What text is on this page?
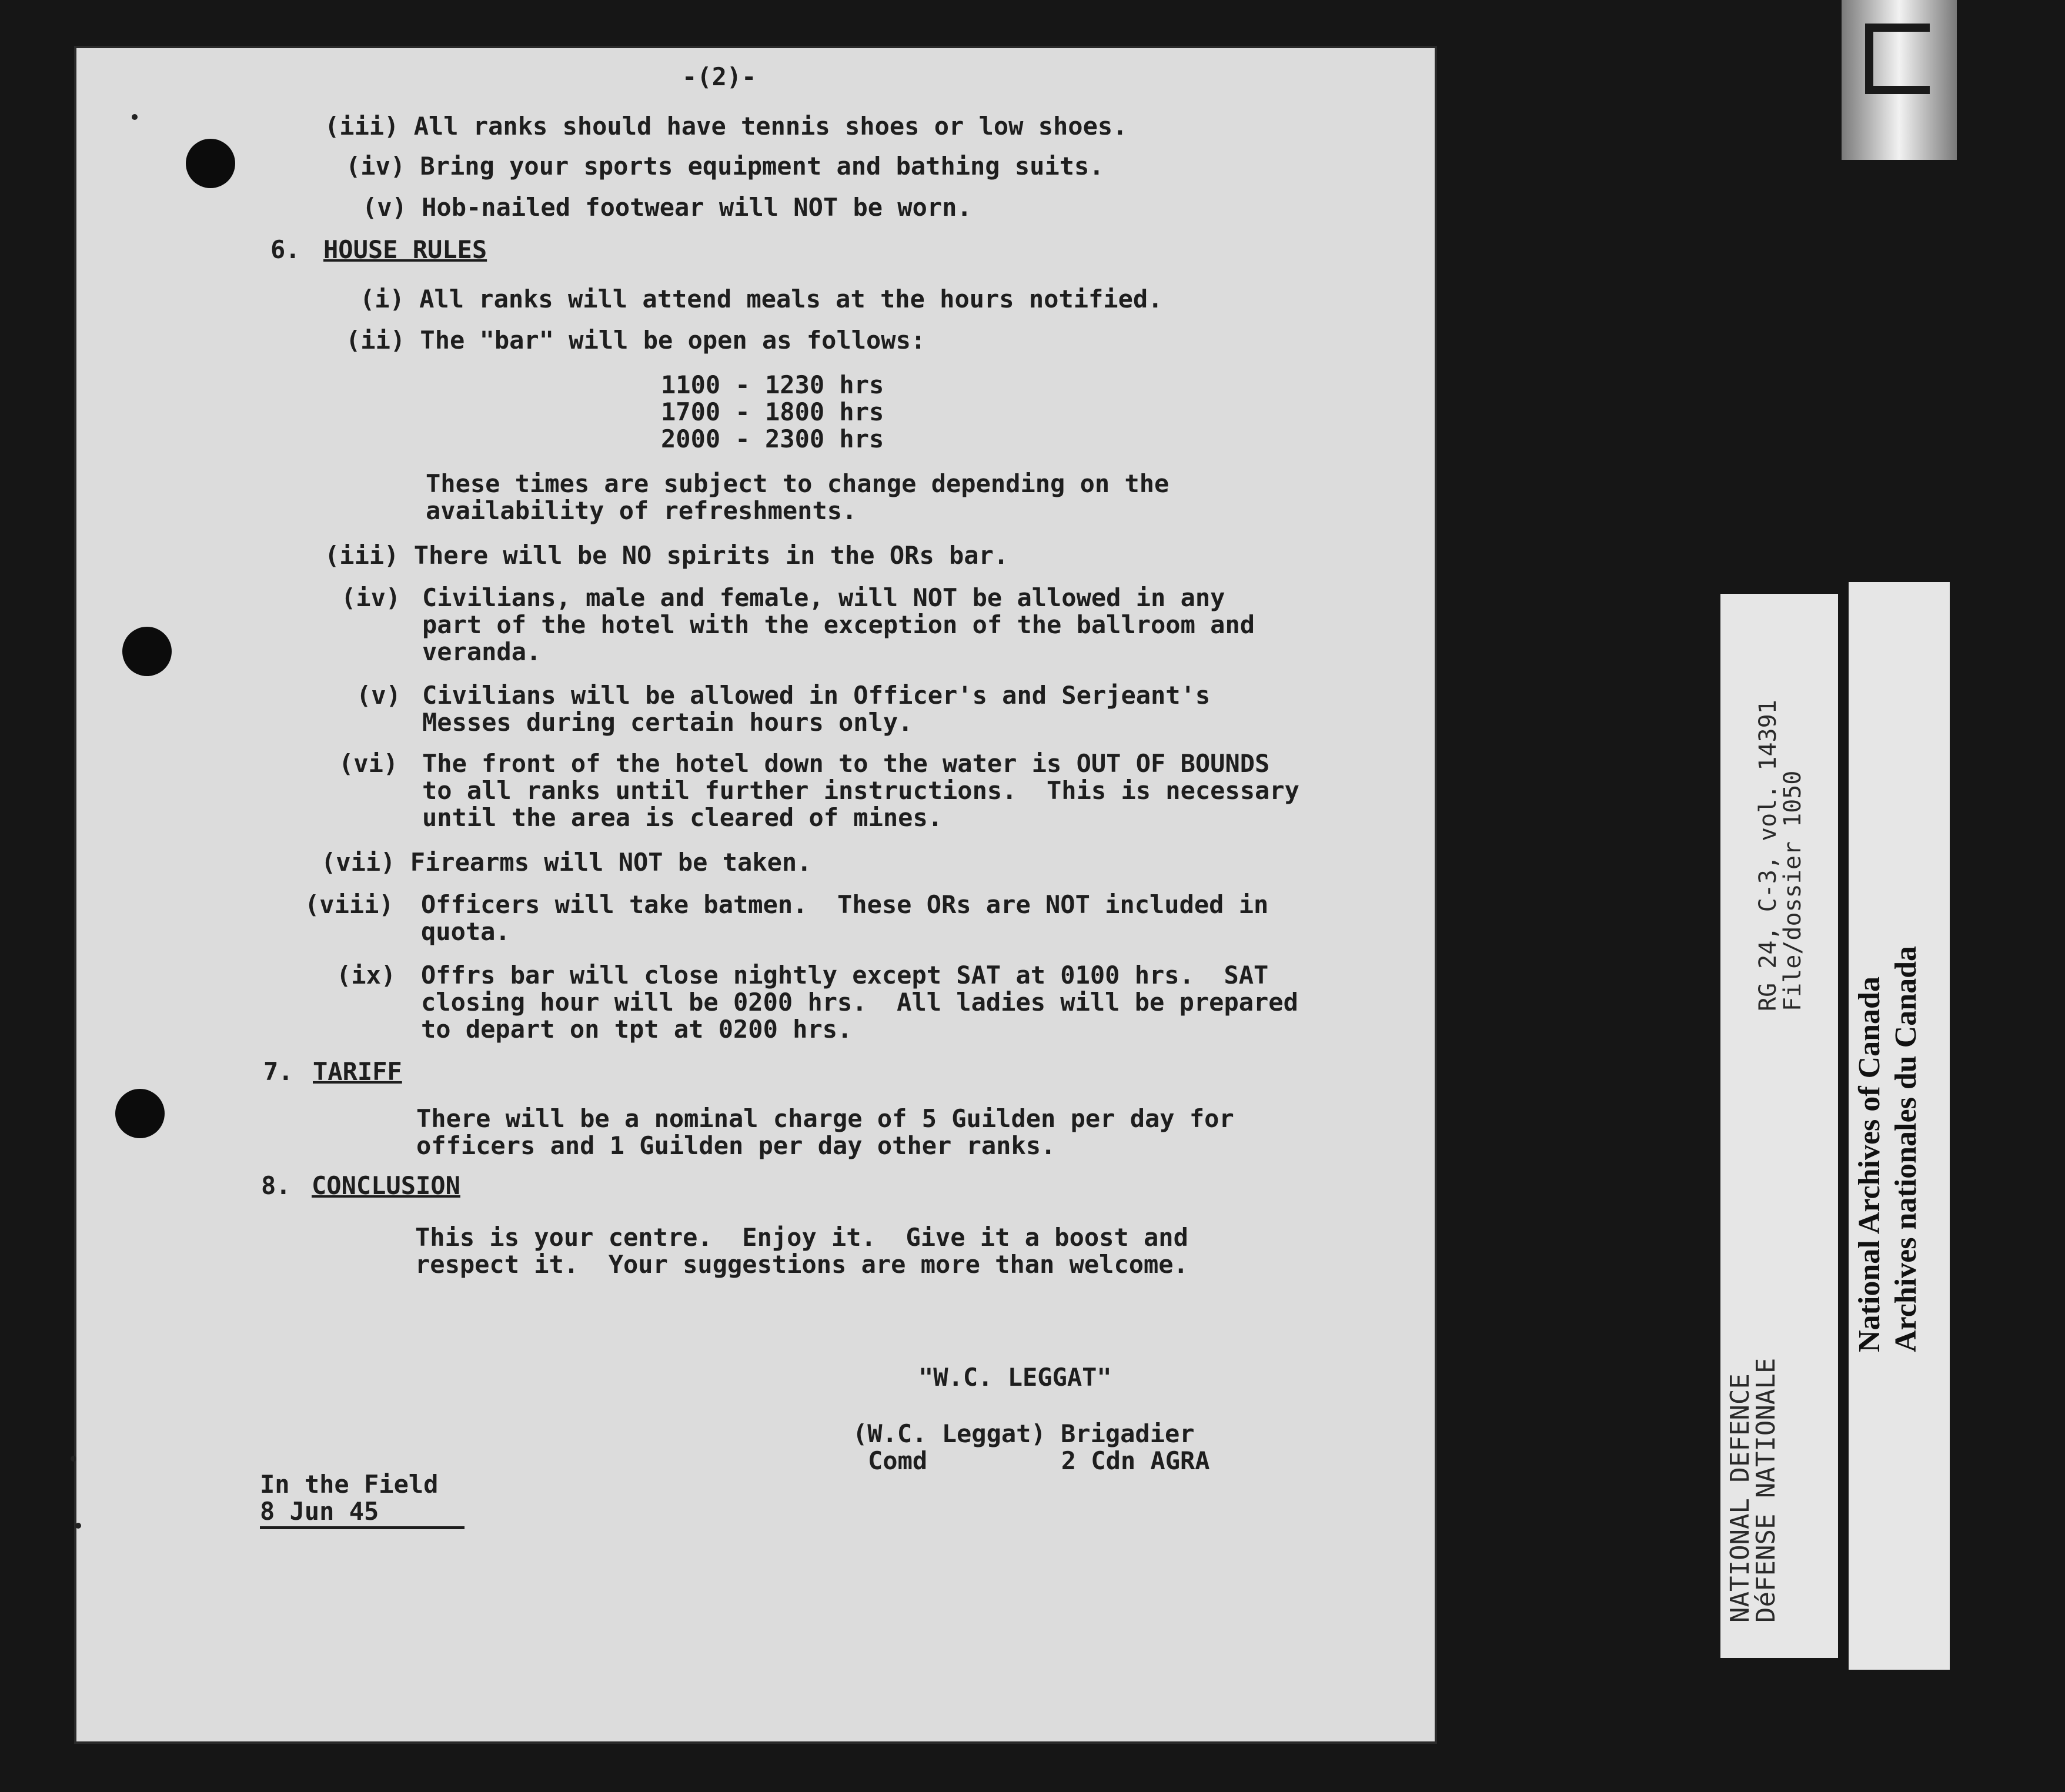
-(2)-
(iii) All ranks should have tennis shoes or low shoes.
(iv) Bring your sports equipment and bathing suits.
(v) Hob-nailed footwear will NOT be worn.
6. HOUSE RULES
(i) All ranks will attend meals at the hours notified.
(ii) The "bar" will be open as follows:
1100 - 1230 hrs
1700 - 1800 hrs
2000 - 2300 hrs
These times are subject to change depending on the
availability of refreshments.
(iii) There will be NO spirits in the ORs bar.
(iv) Civilians, male and female, will NOT be allowed in any
part of the hotel with the exception of the ballroom and
veranda.
(v) Civilians will be allowed in Officer's and Serjeant's
Messes during certain hours only.
(vi) The front of the hotel down to the water is OUT OF BOUNDS
to all ranks until further instructions.  This is necessary
until the area is cleared of mines.
(vii) Firearms will NOT be taken.
(viii) Officers will take batmen.  These ORs are NOT included in
quota.
(ix) Offrs bar will close nightly except SAT at 0100 hrs.  SAT
closing hour will be 0200 hrs.  All ladies will be prepared
to depart on tpt at 0200 hrs.
7. TARIFF
There will be a nominal charge of 5 Guilden per day for
officers and 1 Guilden per day other ranks.
8. CONCLUSION
This is your centre.  Enjoy it.  Give it a boost and
respect it.  Your suggestions are more than welcome.
"W.C. LEGGAT"
(W.C. Leggat) Brigadier
Comd         2 Cdn AGRA
In the Field
8 Jun 45	NATIONAL DEFENCE
DéFENSE NATIONALE
RG 24, C-3, vol. 14391
File/dossier 1050
National Archives of Canada Archives nationales du Canada
